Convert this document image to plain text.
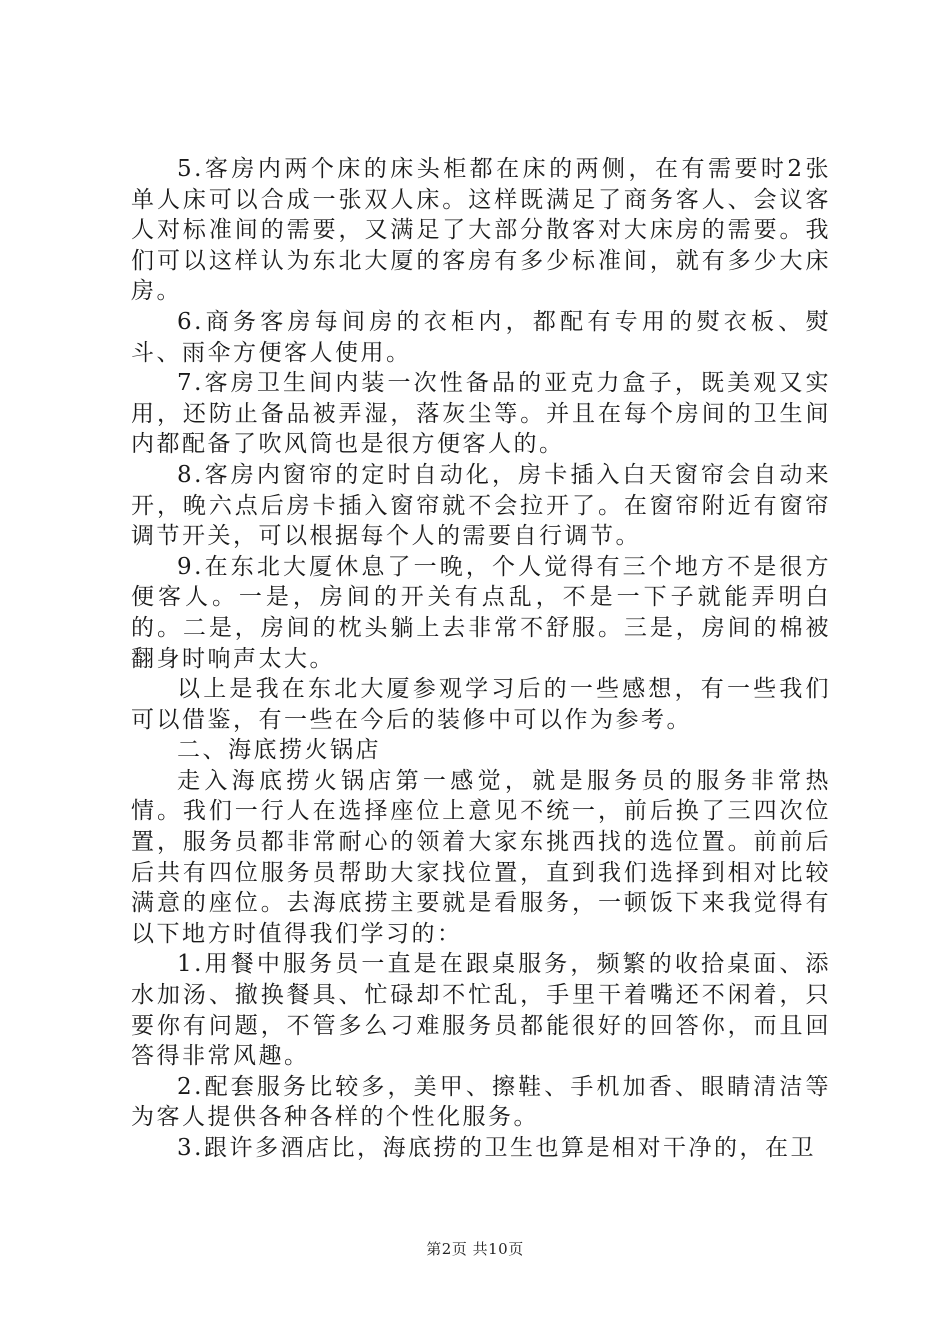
5.客房内两个床的床头柜都在床的两侧，在有需要时2张单人床可以合成一张双人床。这样既满足了商务客人、会议客人对标准间的需要，又满足了大部分散客对大床房的需要。我们可以这样认为东北大厦的客房有多少标准间，就有多少大床房。

6.商务客房每间房的衣柜内，都配有专用的熨衣板、熨斗、雨伞方便客人使用。

7.客房卫生间内装一次性备品的亚克力盒子，既美观又实用，还防止备品被弄湿，落灰尘等。并且在每个房间的卫生间内都配备了吹风筒也是很方便客人的。

8.客房内窗帘的定时自动化，房卡插入白天窗帘会自动来开，晚六点后房卡插入窗帘就不会拉开了。在窗帘附近有窗帘调节开关，可以根据每个人的需要自行调节。

9.在东北大厦休息了一晚，个人觉得有三个地方不是很方便客人。一是，房间的开关有点乱，不是一下子就能弄明白的。二是，房间的枕头躺上去非常不舒服。三是，房间的棉被翻身时响声太大。

以上是我在东北大厦参观学习后的一些感想，有一些我们可以借鉴，有一些在今后的装修中可以作为参考。

二、海底捞火锅店

走入海底捞火锅店第一感觉，就是服务员的服务非常热情。我们一行人在选择座位上意见不统一，前后换了三四次位置，服务员都非常耐心的领着大家东挑西找的选位置。前前后后共有四位服务员帮助大家找位置，直到我们选择到相对比较满意的座位。去海底捞主要就是看服务，一顿饭下来我觉得有以下地方时值得我们学习的：

1.用餐中服务员一直是在跟桌服务，频繁的收拾桌面、添水加汤、撤换餐具、忙碌却不忙乱，手里干着嘴还不闲着，只要你有问题，不管多么刁难服务员都能很好的回答你，而且回答得非常风趣。

2.配套服务比较多，美甲、擦鞋、手机加香、眼睛清洁等为客人提供各种各样的个性化服务。

3.跟许多酒店比，海底捞的卫生也算是相对干净的，在卫

第2页 共10页
